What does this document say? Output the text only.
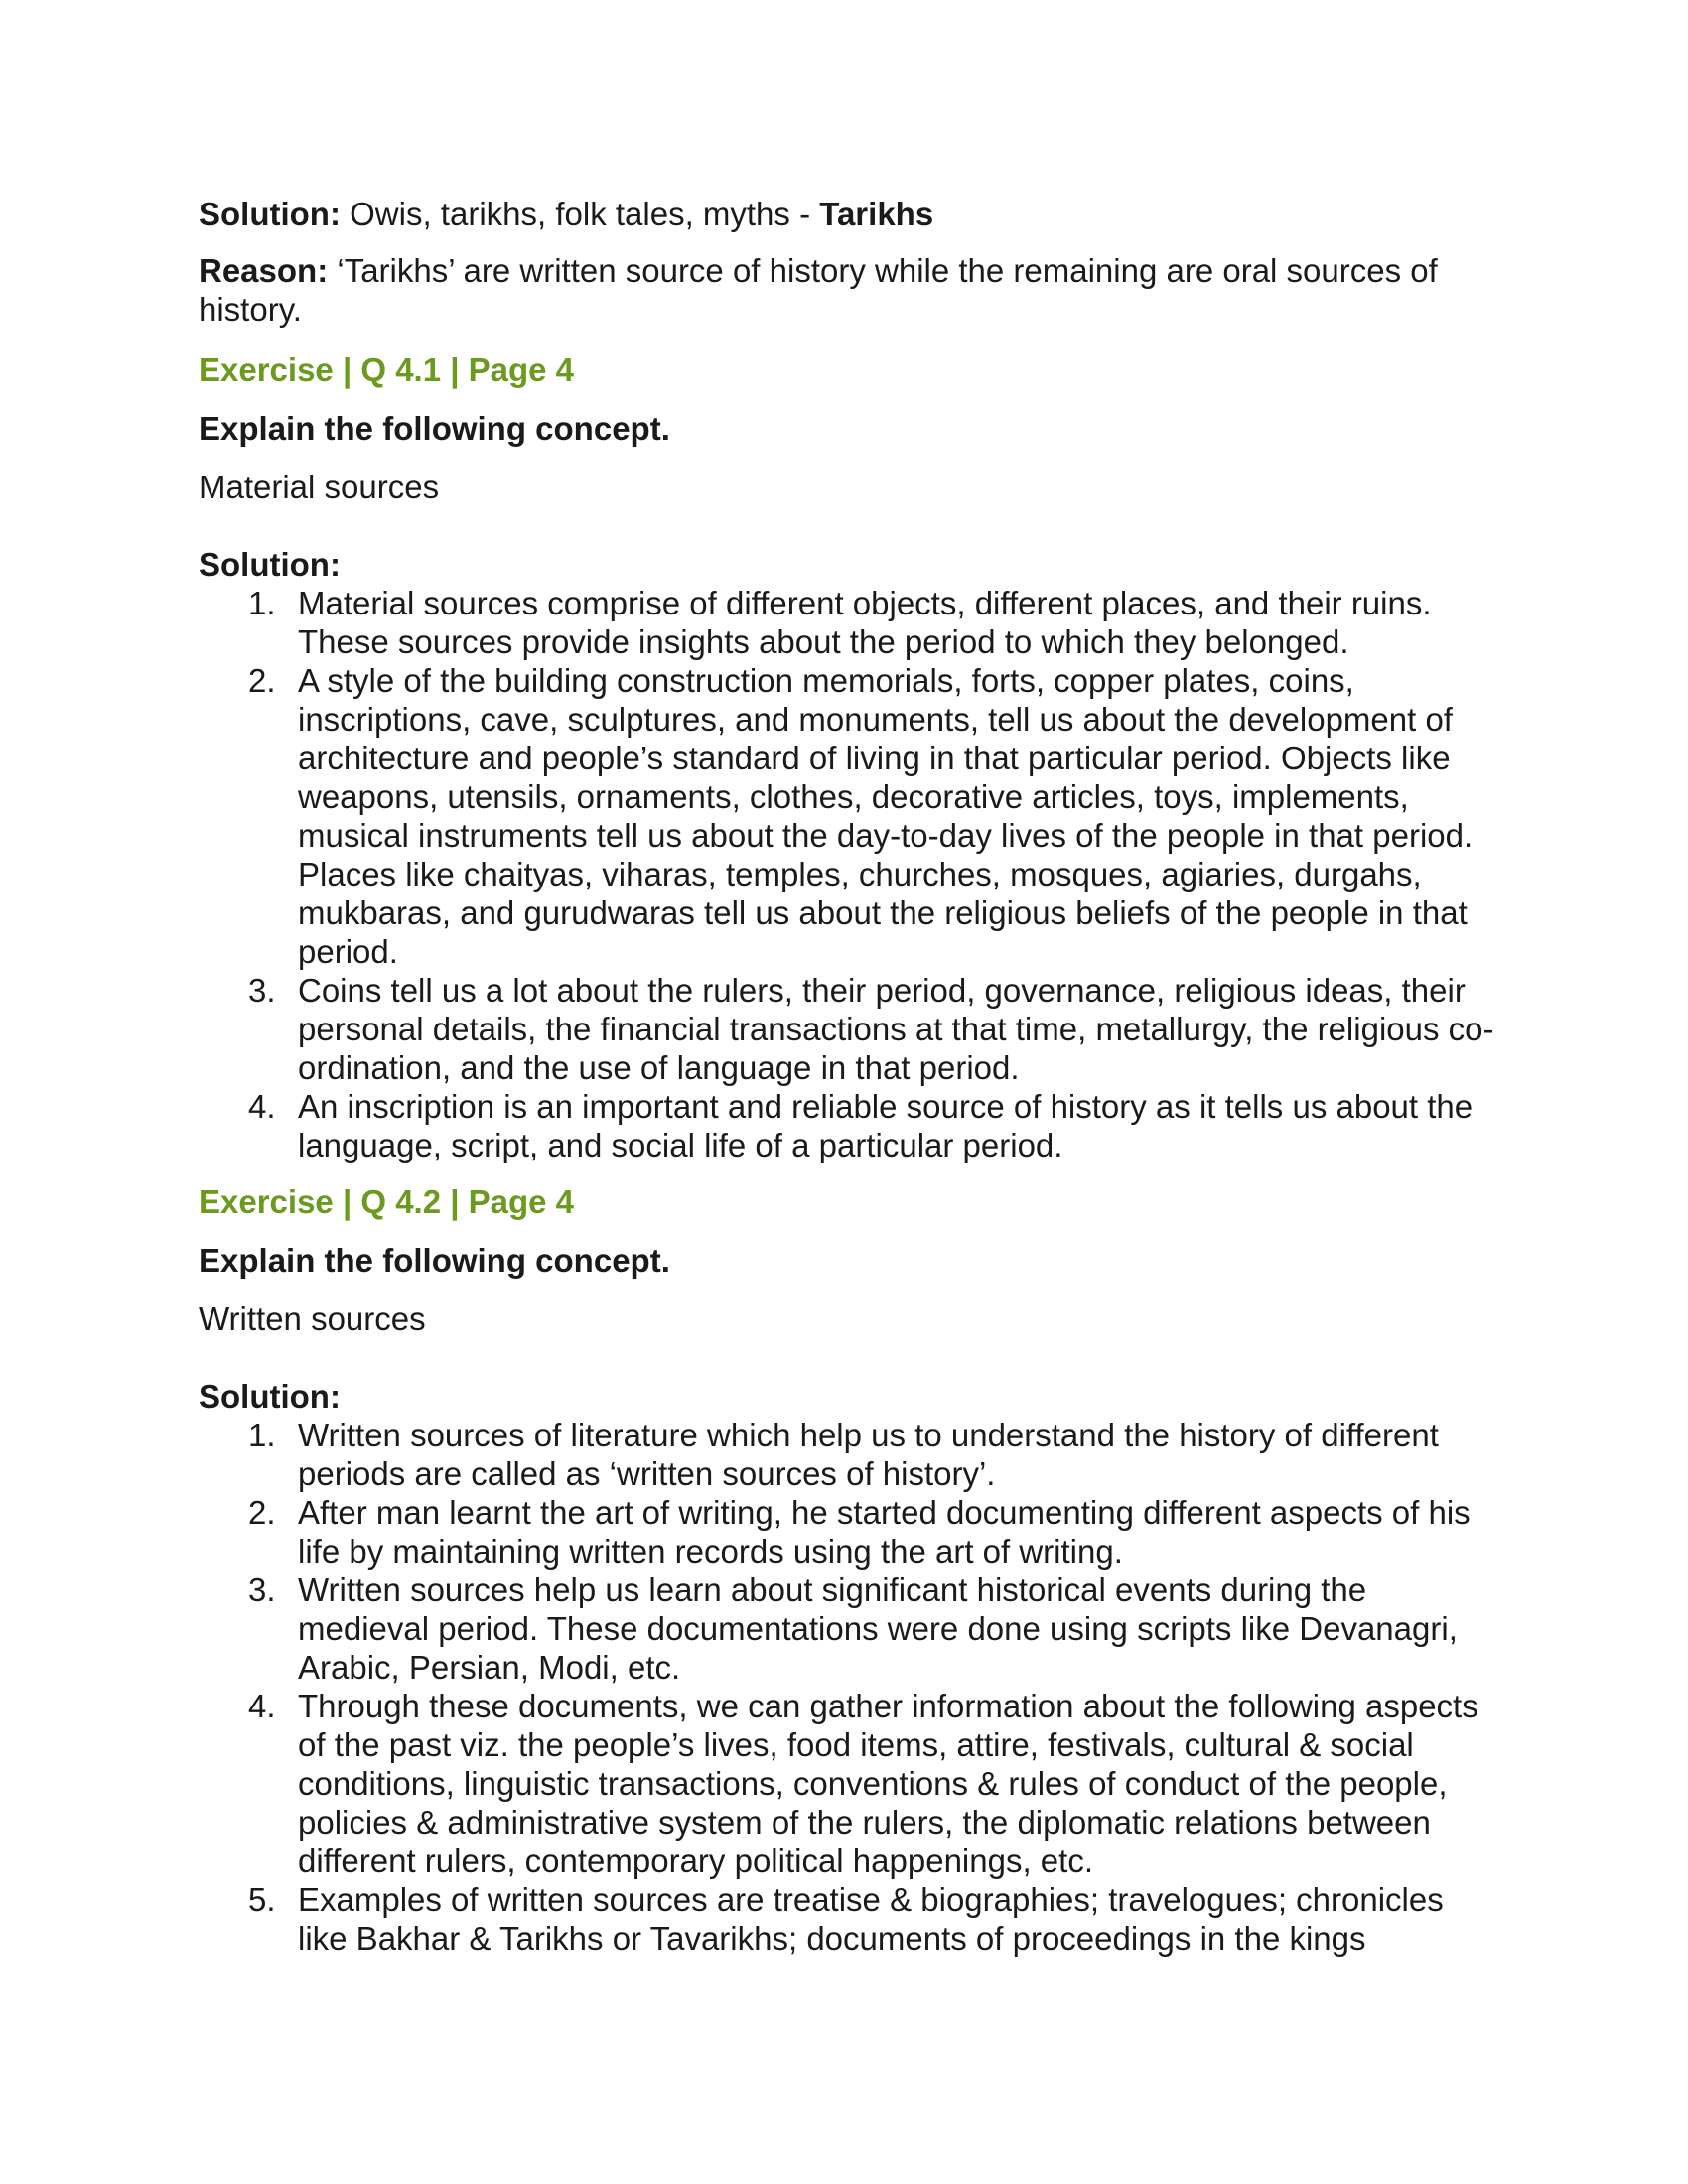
Solution: Owis, tarikhs, folk tales, myths - Tarikhs

Reason: ‘Tarikhs’ are written source of history while the remaining are oral sources of history.

Exercise | Q 4.1 | Page 4

Explain the following concept.

Material sources

Solution:

1. Material sources comprise of different objects, different places, and their ruins. These sources provide insights about the period to which they belonged.
2. A style of the building construction memorials, forts, copper plates, coins, inscriptions, cave, sculptures, and monuments, tell us about the development of architecture and people’s standard of living in that particular period. Objects like weapons, utensils, ornaments, clothes, decorative articles, toys, implements, musical instruments tell us about the day-to-day lives of the people in that period. Places like chaityas, viharas, temples, churches, mosques, agiaries, durgahs, mukbaras, and gurudwaras tell us about the religious beliefs of the people in that period.
3. Coins tell us a lot about the rulers, their period, governance, religious ideas, their personal details, the financial transactions at that time, metallurgy, the religious co-ordination, and the use of language in that period.
4. An inscription is an important and reliable source of history as it tells us about the language, script, and social life of a particular period.

Exercise | Q 4.2 | Page 4

Explain the following concept.

Written sources

Solution:

1. Written sources of literature which help us to understand the history of different periods are called as ‘written sources of history’.
2. After man learnt the art of writing, he started documenting different aspects of his life by maintaining written records using the art of writing.
3. Written sources help us learn about significant historical events during the medieval period. These documentations were done using scripts like Devanagri, Arabic, Persian, Modi, etc.
4. Through these documents, we can gather information about the following aspects of the past viz. the people’s lives, food items, attire, festivals, cultural & social conditions, linguistic transactions, conventions & rules of conduct of the people, policies & administrative system of the rulers, the diplomatic relations between different rulers, contemporary political happenings, etc.
5. Examples of written sources are treatise & biographies; travelogues; chronicles like Bakhar & Tarikhs or Tavarikhs; documents of proceedings in the kings
